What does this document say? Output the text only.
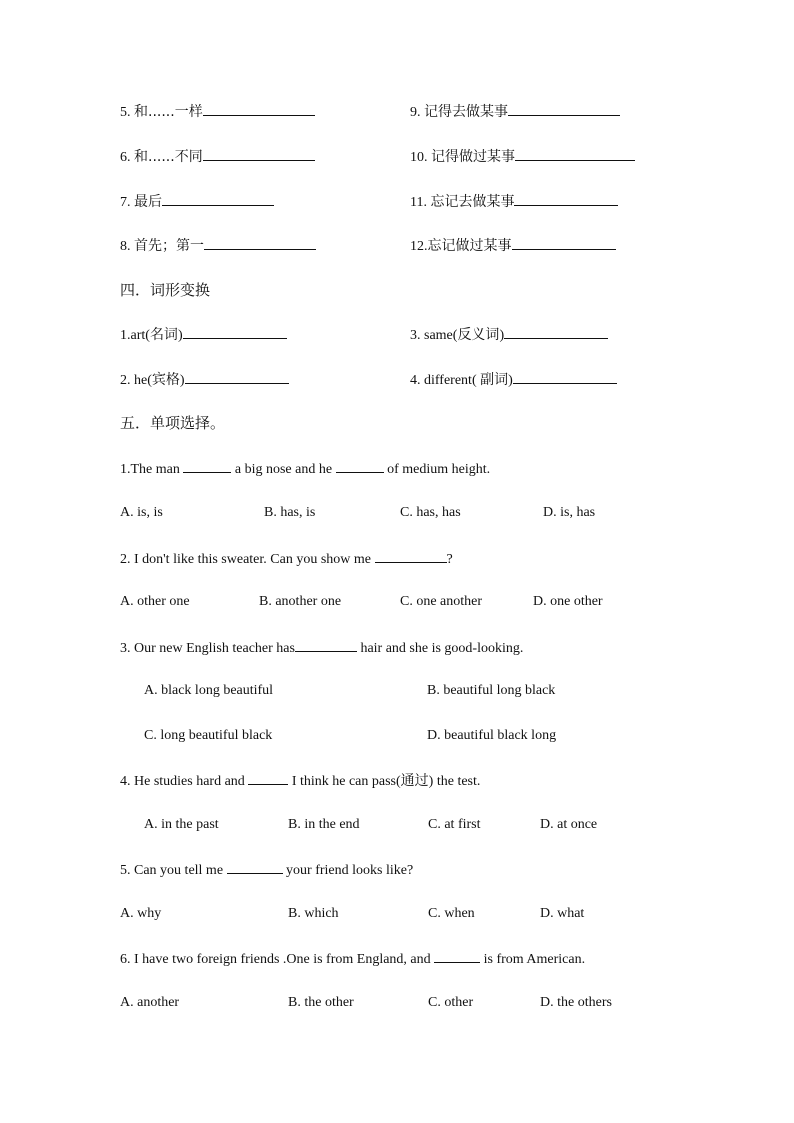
5. 和......一样	9. 记得去做某事
6. 和......不同	10. 记得做过某事
7. 最后	11. 忘记去做某事
8. 首先；第一	12.忘记做过某事
四．词形变换
1.art(名词)	3. same(反义词)
2. he(宾格)	4. different( 副词)
五．单项选择。
1.The man	a big nose and he	of medium height.
A. is, is	B. has, is	C. has, has	D. is, has
2. I don't like this sweater. Can you show me	?
A. other one	B. another one	C. one another	D. one other
3. Our new English teacher has	hair and she is good-looking.
A. black long beautiful	B. beautiful long black
C. long beautiful black	D. beautiful black long
4. He studies hard and	I think he can pass(通过) the test.
A. in the past	B. in the end	C. at first	D. at once
5. Can you tell me	your friend looks like?
A. why	B. which	C. when	D. what
6. I have two foreign friends .One is from England, and	is from American.
A. another	B. the other	C. other	D. the others
